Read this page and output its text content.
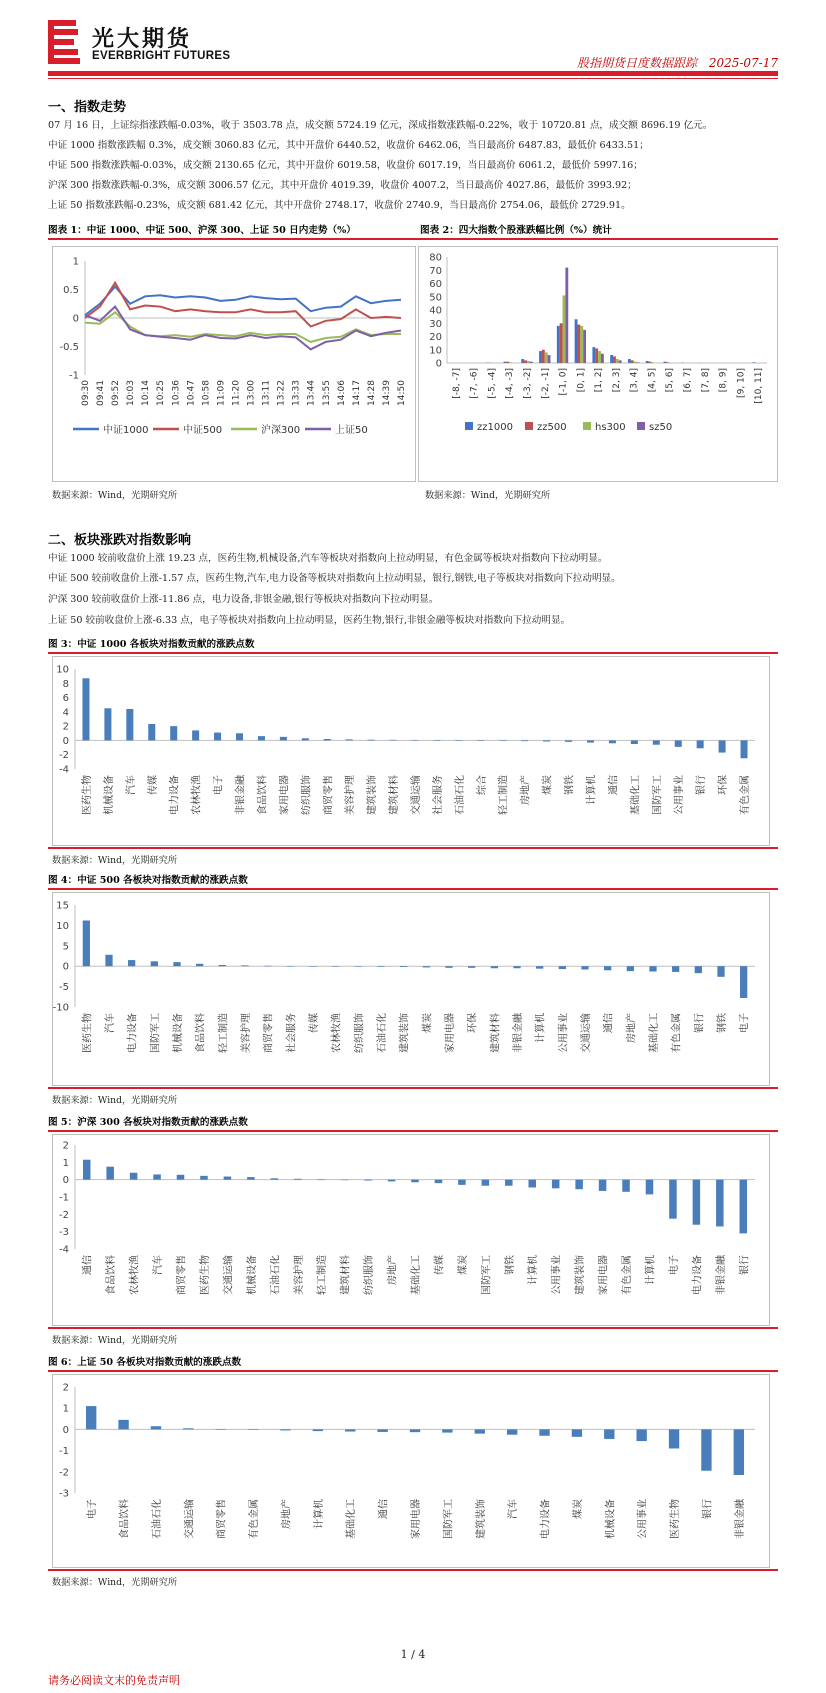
光大期货
EVERBRIGHT FUTURES	股指期货日度数据跟踪 2025-07-17
一、指数走势
07 月 16 日，上证综指涨跌幅-0.03%，收于 3503.78 点，成交额 5724.19 亿元，深成指数涨跌幅-0.22%，收于 10720.81 点，成交额 8696.19 亿元。
中证 1000 指数涨跌幅 0.3%，成交额 3060.83 亿元，其中开盘价 6440.52，收盘价 6462.06，当日最高价 6487.83，最低价 6433.51；
中证 500 指数涨跌幅-0.03%，成交额 2130.65 亿元，其中开盘价 6019.58，收盘价 6017.19，当日最高价 6061.2，最低价 5997.16；
沪深 300 指数涨跌幅-0.3%，成交额 3006.57 亿元，其中开盘价 4019.39，收盘价 4007.2，当日最高价 4027.86，最低价 3993.92；
上证 50 指数涨跌幅-0.23%，成交额 681.42 亿元，其中开盘价 2748.17，收盘价 2740.9，当日最高价 2754.06，最低价 2729.91。
图表 1：中证 1000、中证 500、沪深 300、上证 50 日内走势（%）	图表 2：四大指数个股涨跌幅比例（%）统计
1
0.5
0
-0.5
-1
09:30 09:41 09:52 10:03 10:14 10:25 10:36 10:47 10:58 11:09 11:20 13:00 13:11 13:22 13:33 13:44 13:55 14:06 14:17 14:28 14:39 14:50
中证1000	中证500	沪深300	上证50
80
70
60
50
40
30
20
10
0
[-8, -7] [-7, -6] [-5, -4] [-4, -3] [-3, -2] [-2, -1] [-1, 0] [0, 1] [1, 2] [2, 3] [3, 4] [4, 5] [5, 6] [6, 7] [7, 8] [8, 9] [9, 10] [10, 11]
zz1000 zz500	hs300 sz50
数据来源：Wind，光期研究所	数据来源：Wind，光期研究所
二、板块涨跌对指数影响
中证 1000 较前收盘价上涨 19.23 点，医药生物,机械设备,汽车等板块对指数向上拉动明显，有色金属等板块对指数向下拉动明显。
中证 500 较前收盘价上涨-1.57 点，医药生物,汽车,电力设备等板块对指数向上拉动明显，银行,钢铁,电子等板块对指数向下拉动明显。
沪深 300 较前收盘价上涨-11.86 点，电力设备,非银金融,银行等板块对指数向下拉动明显。
上证 50 较前收盘价上涨-6.33 点，电子等板块对指数向上拉动明显，医药生物,银行,非银金融等板块对指数向下拉动明显。
图 3：中证 1000 各板块对指数贡献的涨跌点数
10
8
6
4
2
0
-2
-4
医药生物 机械设备 汽车 传媒 电力设备 农林牧渔 电子 非银金融 食品饮料 家用电器 纺织服饰 商贸零售 美容护理 建筑装饰 建筑材料 交通运输 社会服务 石油石化 综合 轻工制造 房地产 煤炭 钢铁 计算机 通信 基础化工 国防军工 公用事业 银行 环保 有色金属
数据来源：Wind，光期研究所
图 4：中证 500 各板块对指数贡献的涨跌点数
15
10
5
0
-5
-10
医药生物 汽车 电力设备 国防军工 机械设备 食品饮料 轻工制造 美容护理 商贸零售 社会服务 传媒 农林牧渔 纺织服饰 石油石化 建筑装饰 煤炭 家用电器 环保 建筑材料 非银金融 计算机 公用事业 交通运输 通信 房地产 基础化工 有色金属 银行 钢铁 电子
数据来源：Wind，光期研究所
图 5：沪深 300 各板块对指数贡献的涨跌点数
2
1
0
-1
-2
-3
-4
通信 食品饮料 农林牧渔 汽车 商贸零售 医药生物 交通运输 机械设备 石油石化 美容护理 轻工制造 建筑材料 纺织服饰 房地产 基础化工 传媒 煤炭 国防军工 钢铁 计算机 公用事业 建筑装饰 家用电器 有色金属 计算机 电子 电力设备 非银金融 银行
数据来源：Wind，光期研究所
图 6：上证 50 各板块对指数贡献的涨跌点数
2
1
0
-1
-2
-3
电子 食品饮料 石油石化 交通运输 商贸零售 有色金属 房地产 计算机 基础化工 通信 家用电器 国防军工 建筑装饰 汽车 电力设备 煤炭 机械设备 公用事业 医药生物 银行 非银金融
数据来源：Wind，光期研究所
1 / 4
请务必阅读文末的免责声明
